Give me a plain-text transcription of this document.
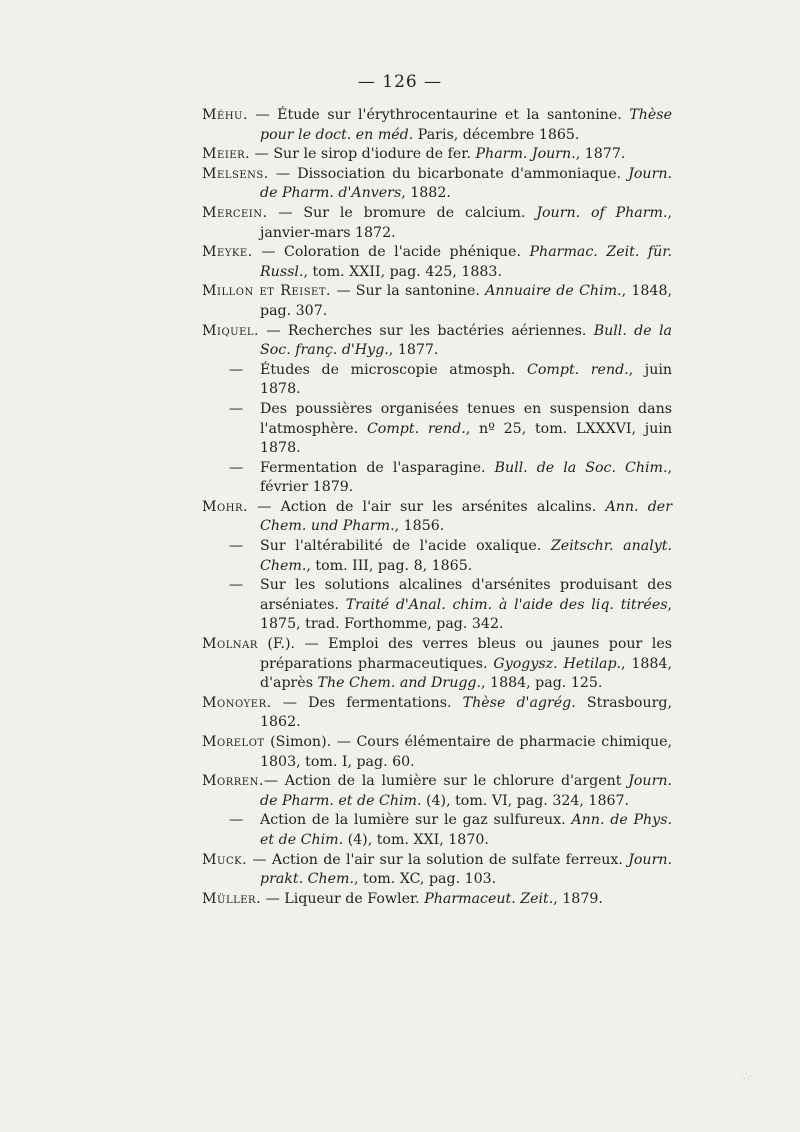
— 126 —
Méhu. — Étude sur l'érythrocentaurine et la santonine. Thèse pour le doct. en méd. Paris, décembre 1865.
Meier. — Sur le sirop d'iodure de fer. Pharm. Journ., 1877.
Melsens. — Dissociation du bicarbonate d'ammoniaque. Journ. de Pharm. d'Anvers, 1882.
Mercein. — Sur le bromure de calcium. Journ. of Pharm., janvier-mars 1872.
Meyke. — Coloration de l'acide phénique. Pharmac. Zeit. für. Russl., tom. XXII, pag. 425, 1883.
Millon et Reiset. — Sur la santonine. Annuaire de Chim., 1848, pag. 307.
Miquel. — Recherches sur les bactéries aériennes. Bull. de la Soc. franç. d'Hyg., 1877.
— Études de microscopie atmosph. Compt. rend., juin 1878.
— Des poussières organisées tenues en suspension dans l'atmosphère. Compt. rend., nº 25, tom. LXXXVI, juin 1878.
— Fermentation de l'asparagine. Bull. de la Soc. Chim., février 1879.
Mohr. — Action de l'air sur les arsénites alcalins. Ann. der Chem. und Pharm., 1856.
— Sur l'altérabilité de l'acide oxalique. Zeitschr. analyt. Chem., tom. III, pag. 8, 1865.
— Sur les solutions alcalines d'arsénites produisant des arséniates. Traité d'Anal. chim. à l'aide des liq. titrées, 1875, trad. Forthomme, pag. 342.
Molnar (F.). — Emploi des verres bleus ou jaunes pour les préparations pharmaceutiques. Gyogysz. Hetilap., 1884, d'après The Chem. and Drugg., 1884, pag. 125.
Monoyer. — Des fermentations. Thèse d'agrég. Strasbourg, 1862.
Morelot (Simon). — Cours élémentaire de pharmacie chimique, 1803, tom. I, pag. 60.
Morren.— Action de la lumière sur le chlorure d'argent Journ. de Pharm. et de Chim. (4), tom. VI, pag. 324, 1867.
— Action de la lumière sur le gaz sulfureux. Ann. de Phys. et de Chim. (4), tom. XXI, 1870.
Muck. — Action de l'air sur la solution de sulfate ferreux. Journ. prakt. Chem., tom. XC, pag. 103.
Müller. — Liqueur de Fowler. Pharmaceut. Zeit., 1879.
·∴·
